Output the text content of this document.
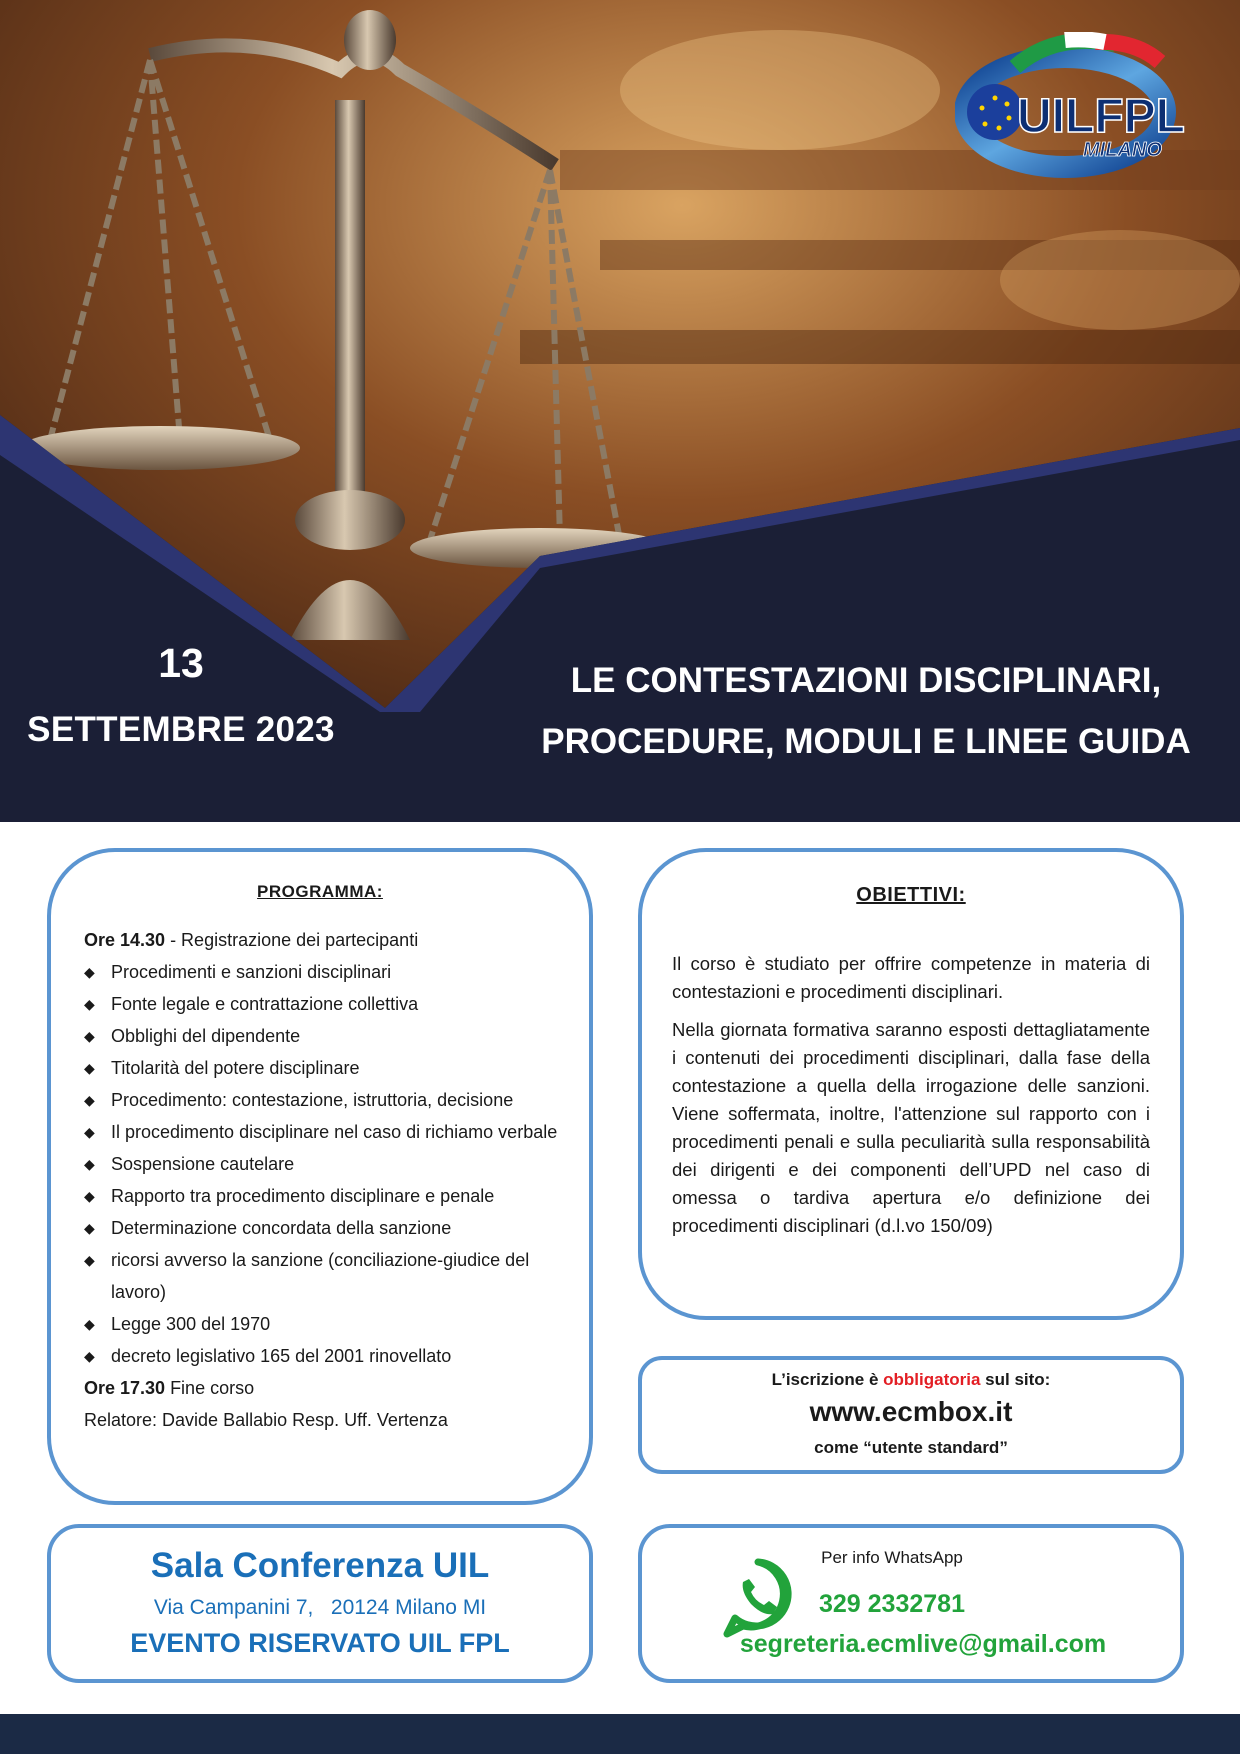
UILFPL
MILANO
13
SETTEMBRE 2023
LE CONTESTAZIONI DISCIPLINARI,
PROCEDURE, MODULI E LINEE GUIDA
PROGRAMMA:
Ore 14.30 - Registrazione dei partecipanti
◆ Procedimenti e sanzioni disciplinari
◆ Fonte legale e contrattazione collettiva
◆ Obblighi del dipendente
◆ Titolarità del potere disciplinare
◆ Procedimento: contestazione, istruttoria, decisione
◆ Il procedimento disciplinare nel caso di richiamo verbale
◆ Sospensione cautelare
◆ Rapporto tra procedimento disciplinare e penale
◆ Determinazione concordata della sanzione
◆ ricorsi avverso la sanzione (conciliazione-giudice del lavoro)
◆ Legge 300 del 1970
◆ decreto legislativo 165 del 2001 rinovellato
Ore 17.30 Fine corso
Relatore: Davide Ballabio Resp. Uff. Vertenza
OBIETTIVI:

Il corso è studiato per offrire competenze in materia di contestazioni e procedimenti disciplinari.

Nella giornata formativa saranno esposti dettagliatamente i contenuti dei procedimenti disciplinari, dalla fase della contestazione a quella della irrogazione delle sanzioni. Viene soffermata, inoltre, l'attenzione sul rapporto con i procedimenti penali e sulla peculiarità sulla responsabilità dei dirigenti e dei componenti dell’UPD nel caso di omessa o tardiva apertura e/o definizione dei procedimenti disciplinari (d.l.vo 150/09)

L’iscrizione è obbligatoria sul sito:
www.ecmbox.it
come “utente standard”
Sala Conferenza UIL
Via Campanini 7,   20124 Milano MI
EVENTO RISERVATO UIL FPL
Per info WhatsApp
329 2332781
segreteria.ecmlive@gmail.com
